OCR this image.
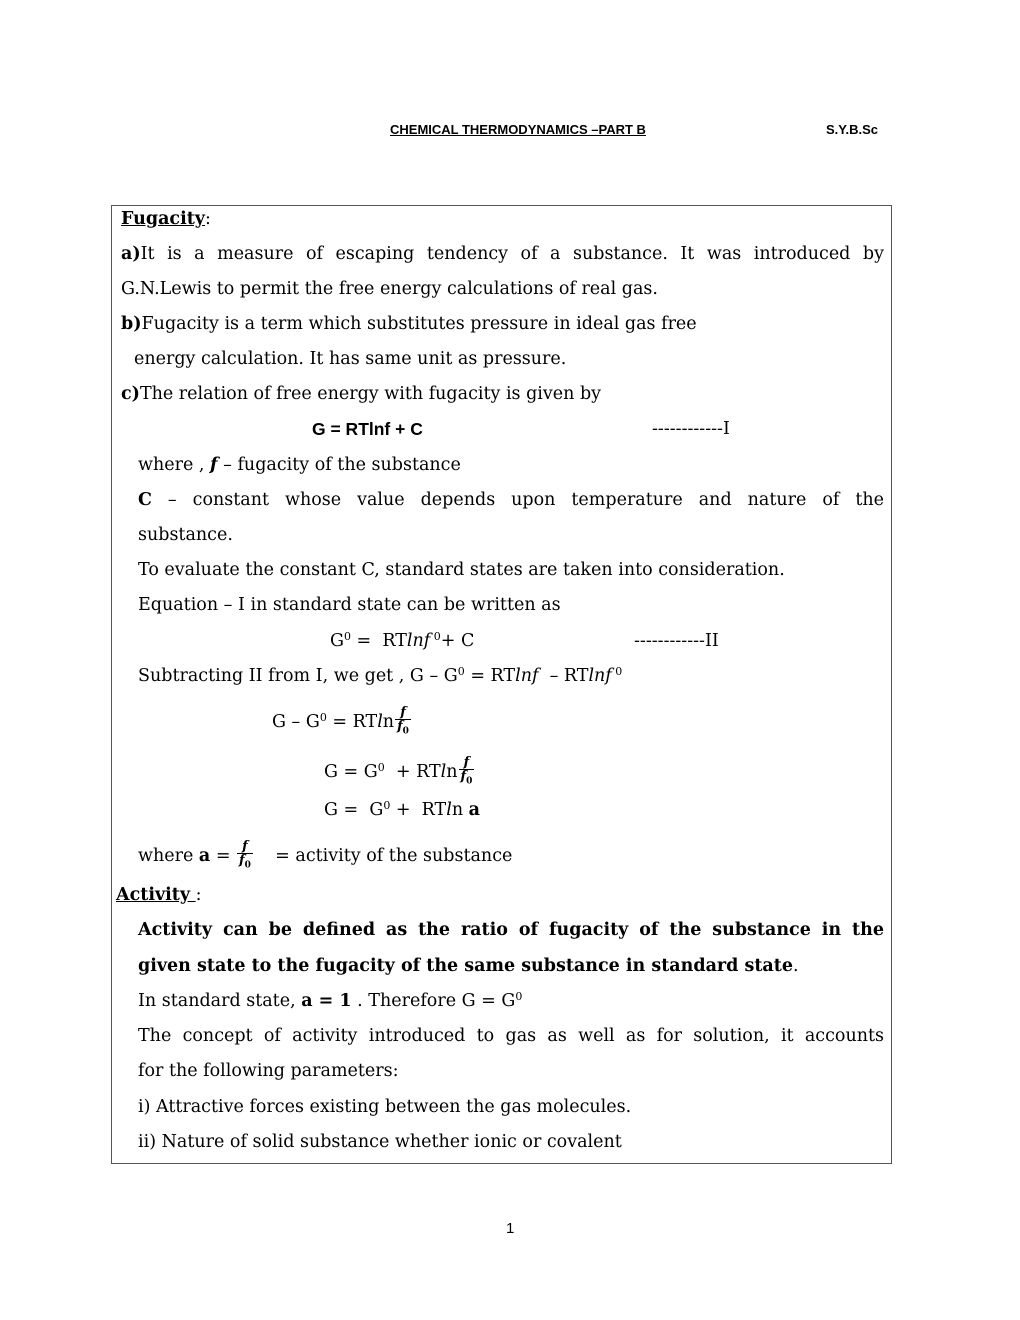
CHEMICAL THERMODYNAMICS –PART B	S.Y.B.Sc
Fugacity:
a)It is a measure of escaping tendency of a substance. It was introduced by
G.N.Lewis to permit the free energy calculations of real gas.
b)Fugacity is a term which substitutes pressure in ideal gas free
energy calculation. It has same unit as pressure.
c)The relation of free energy with fugacity is given by
G = RTlnf + C	------------I
where , f – fugacity of the substance
C – constant whose value depends upon temperature and nature of the
substance.
To evaluate the constant C, standard states are taken into consideration.
Equation – I in standard state can be written as
$G^0 = RTlnf$ $^0$+ C	------------II
Subtracting II from I, we get , $G - G^0 = RTlnf - RTlnf$ $^0$
$G - G^0 = RTln \frac{f}{f_0}$
$G = G^0 + RTln \frac{f}{f_0}$
$G = G^0 + RTln$ a
where $a = \frac{f}{f_0}$ = activity of the substance
Activity :
Activity can be defined as the ratio of fugacity of the substance in the
given state to the fugacity of the same substance in standard state.
In standard state, a = 1 . Therefore $G = G^0$
The concept of activity introduced to gas as well as for solution, it accounts
for the following parameters:
i) Attractive forces existing between the gas molecules.
ii) Nature of solid substance whether ionic or covalent
1
